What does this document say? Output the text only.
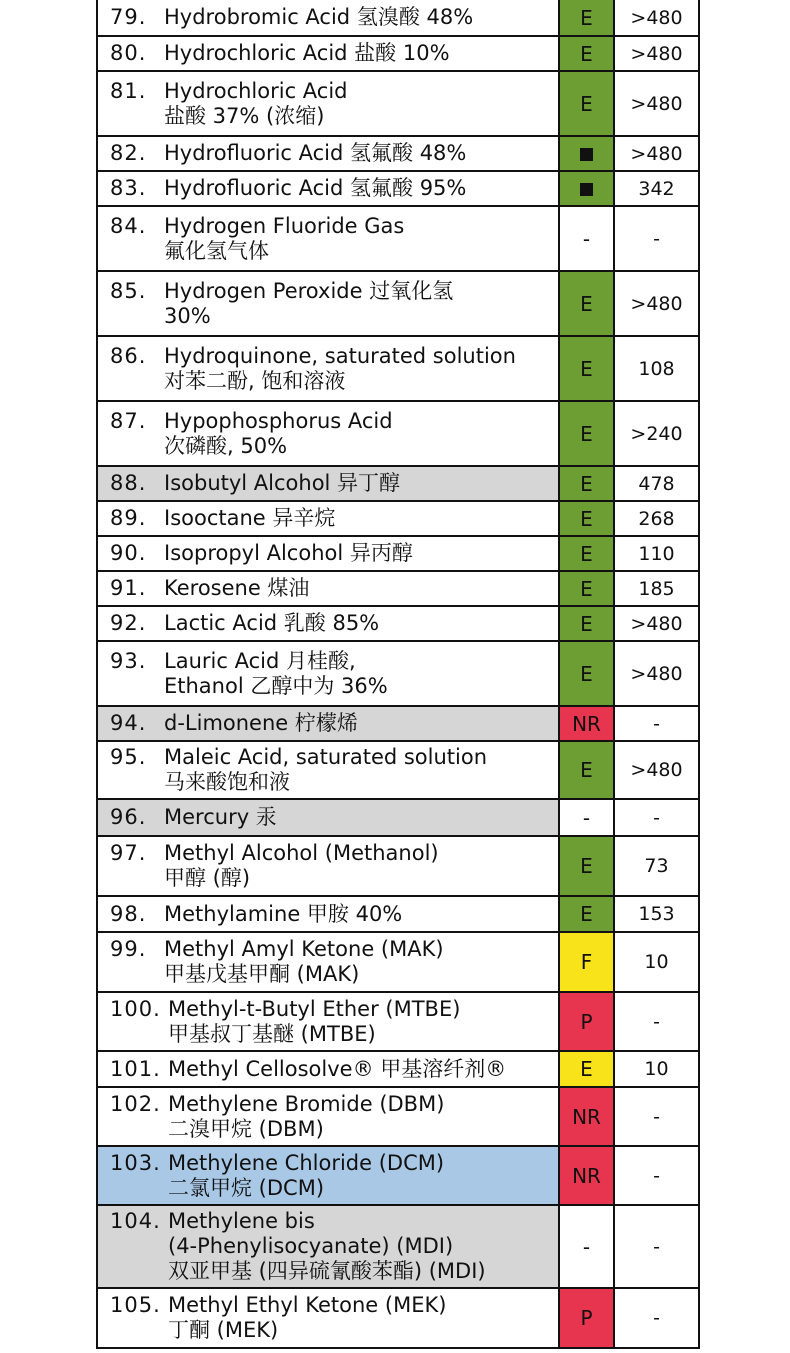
79. Hydrobromic Acid 氢溴酸 48%	E	>480

80. Hydrochloric Acid 盐酸 10%	E	>480

81. Hydrochloric Acid
盐酸 37% (浓缩)	E	>480

82. Hydrofluoric Acid 氢氟酸 48%		>480

83. Hydrofluoric Acid 氢氟酸 95%		342

84. Hydrogen Fluoride Gas
氟化氢气体	-	-

85. Hydrogen Peroxide 过氧化氢
30%	E	>480

86. Hydroquinone, saturated solution
对苯二酚, 饱和溶液	E	108

87. Hypophosphorus Acid
次磷酸, 50%	E	>240

88. Isobutyl Alcohol 异丁醇	E	478

89. Isooctane 异辛烷	E	268

90. Isopropyl Alcohol 异丙醇	E	110

91. Kerosene 煤油	E	185

92. Lactic Acid 乳酸 85%	E	>480

93. Lauric Acid 月桂酸,
Ethanol 乙醇中为 36%	E	>480

94. d-Limonene 柠檬烯	NR	-

95. Maleic Acid, saturated solution
马来酸饱和液	E	>480

96. Mercury 汞	-	-

97. Methyl Alcohol (Methanol)
甲醇 (醇)	E	73

98. Methylamine 甲胺 40%	E	153

99. Methyl Amyl Ketone (MAK)
甲基戊基甲酮 (MAK)	F	10

100. Methyl-t-Butyl Ether (MTBE)
甲基叔丁基醚 (MTBE)	P	-

101. Methyl Cellosolve® 甲基溶纤剂®	E	10

102. Methylene Bromide (DBM)
二溴甲烷 (DBM)	NR	-

103. Methylene Chloride (DCM)
二氯甲烷 (DCM)	NR	-

104. Methylene bis
(4-Phenylisocyanate) (MDI)
双亚甲基 (四异硫氰酸苯酯) (MDI)	-	-

105. Methyl Ethyl Ketone (MEK)
丁酮 (MEK)	P	-
